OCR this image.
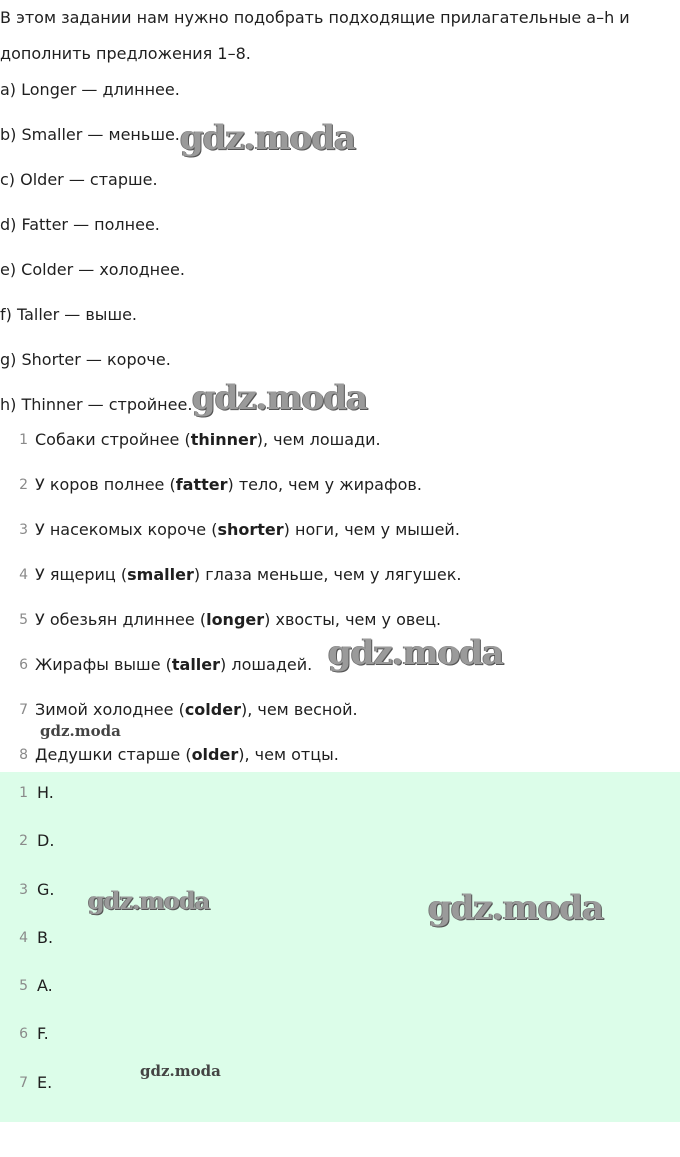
В этом задании нам нужно подобрать подходящие прилагательные a–h и дополнить предложения 1–8.

a) Longer — длиннее.
b) Smaller — меньше.
c) Older — старше.
d) Fatter — полнее.
e) Colder — холоднее.
f) Taller — выше.
g) Shorter — короче.
h) Thinner — стройнее.
1 Собаки стройнее (thinner), чем лошади.
2 У коров полнее (fatter) тело, чем у жирафов.
3 У насекомых короче (shorter) ноги, чем у мышей.
4 У ящериц (smaller) глаза меньше, чем у лягушек.
5 У обезьян длиннее (longer) хвосты, чем у овец.
6 Жирафы выше (taller) лошадей.
7 Зимой холоднее (colder), чем весной.
8 Дедушки старше (older), чем отцы.
1 H.
2 D.
3 G.
4 B.
5 A.
6 F.
7 E.
gdz.moda
gdz.moda
gdz.moda
gdz.moda
gdz.moda	gdz.moda
gdz.moda
